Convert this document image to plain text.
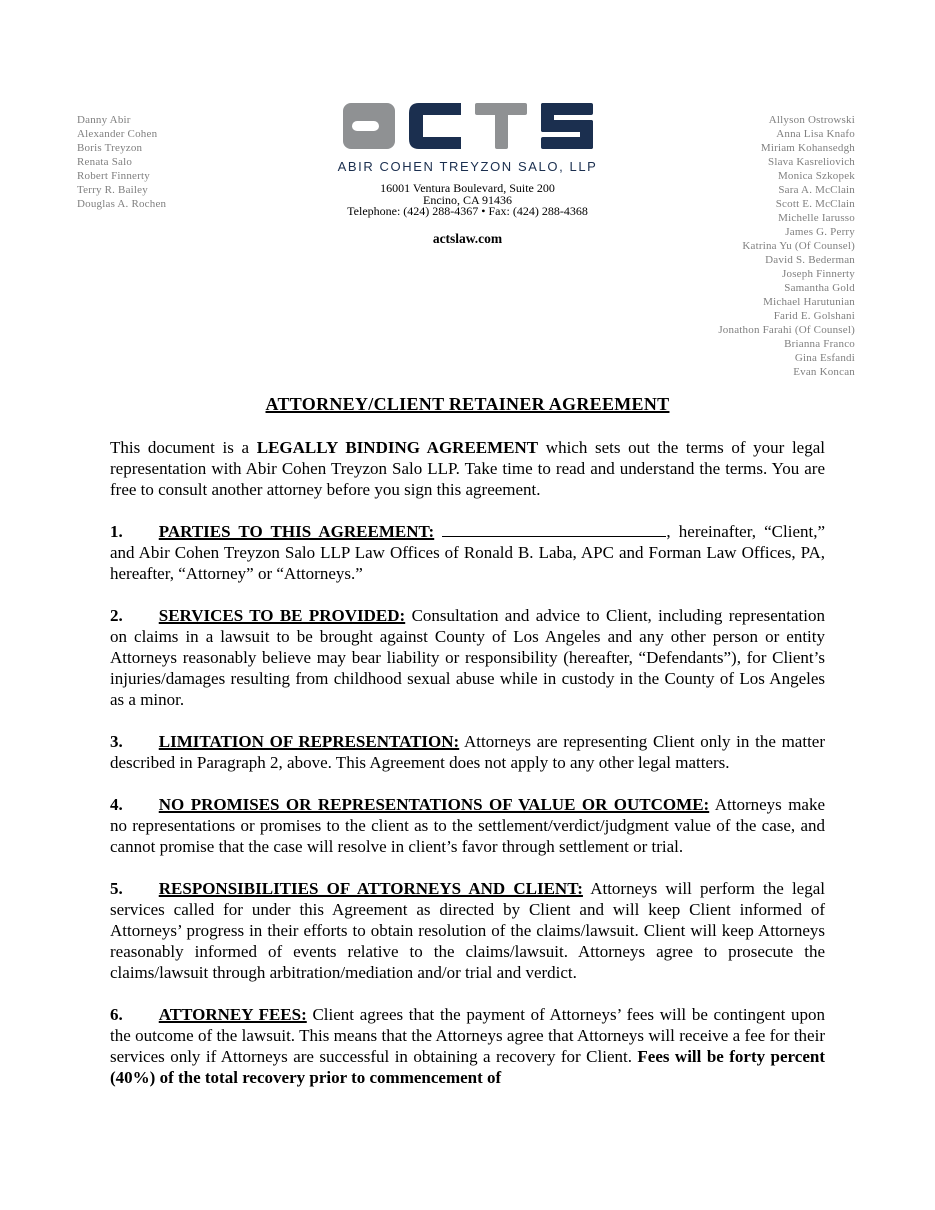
Danny Abir
Alexander Cohen
Boris Treyzon
Renata Salo
Robert Finnerty
Terry R. Bailey
Douglas A. Rochen
Allyson Ostrowski
Anna Lisa Knafo
Miriam Kohansedgh
Slava Kasreliovich
Monica Szkopek
Sara A. McClain
Scott E. McClain
Michelle Iarusso
James G. Perry
Katrina Yu (Of Counsel)
David S. Bederman
Joseph Finnerty
Samantha Gold
Michael Harutunian
Farid E. Golshani
Jonathon Farahi (Of Counsel)
Brianna Franco
Gina Esfandi
Evan Koncan
ABIR COHEN TREYZON SALO, LLP
16001 Ventura Boulevard, Suite 200
Encino, CA 91436
Telephone: (424) 288-4367 • Fax: (424) 288-4368
actslaw.com
ATTORNEY/CLIENT RETAINER AGREEMENT

This document is a LEGALLY BINDING AGREEMENT which sets out the terms of your legal representation with Abir Cohen Treyzon Salo LLP. Take time to read and understand the terms. You are free to consult another attorney before you sign this agreement.

1. PARTIES TO THIS AGREEMENT:	, hereinafter, “Client,” and Abir Cohen Treyzon Salo LLP Law Offices of Ronald B. Laba, APC and Forman Law Offices, PA, hereafter, “Attorney” or “Attorneys.”

2. SERVICES TO BE PROVIDED: Consultation and advice to Client, including representation on claims in a lawsuit to be brought against County of Los Angeles and any other person or entity Attorneys reasonably believe may bear liability or responsibility (hereafter, “Defendants”), for Client’s injuries/damages resulting from childhood sexual abuse while in custody in the County of Los Angeles as a minor.

3. LIMITATION OF REPRESENTATION: Attorneys are representing Client only in the matter described in Paragraph 2, above. This Agreement does not apply to any other legal matters.

4. NO PROMISES OR REPRESENTATIONS OF VALUE OR OUTCOME: Attorneys make no representations or promises to the client as to the settlement/verdict/judgment value of the case, and cannot promise that the case will resolve in client’s favor through settlement or trial.

5. RESPONSIBILITIES OF ATTORNEYS AND CLIENT: Attorneys will perform the legal services called for under this Agreement as directed by Client and will keep Client informed of Attorneys’ progress in their efforts to obtain resolution of the claims/lawsuit. Client will keep Attorneys reasonably informed of events relative to the claims/lawsuit. Attorneys agree to prosecute the claims/lawsuit through arbitration/mediation and/or trial and verdict.

6. ATTORNEY FEES: Client agrees that the payment of Attorneys’ fees will be contingent upon the outcome of the lawsuit. This means that the Attorneys agree that Attorneys will receive a fee for their services only if Attorneys are successful in obtaining a recovery for Client. Fees will be forty percent (40%) of the total recovery prior to commencement of
